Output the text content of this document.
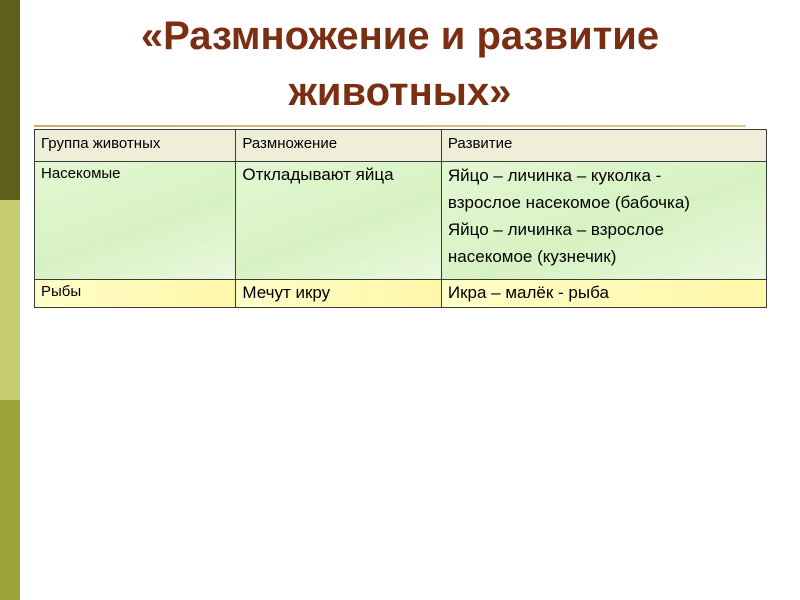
«Размножение и развитие
животных»
Группа животных	Размножение	Развитие
Насекомые	Откладывают яйца	Яйцо – личинка – куколка -
взрослое насекомое (бабочка)
Яйцо – личинка – взрослое
насекомое (кузнечик)

Рыбы	Мечут икру	Икра – малёк - рыба
